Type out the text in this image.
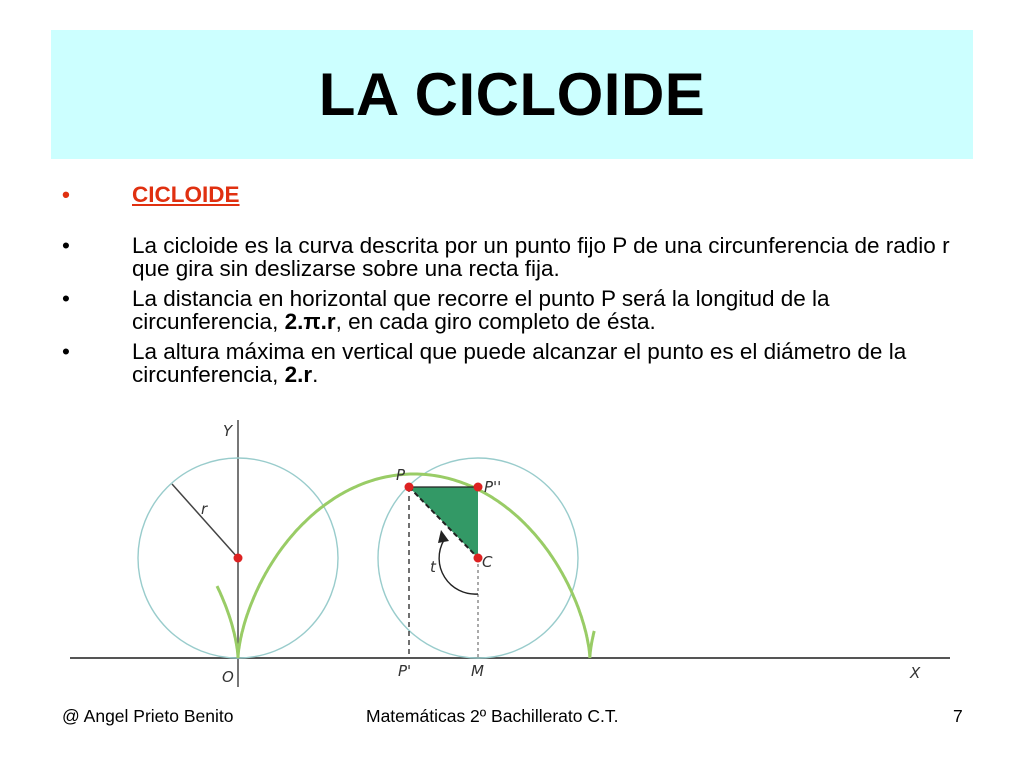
LA CICLOIDE
•	CICLOIDE
•	La cicloide es la curva descrita por un punto fijo P de una circunferencia de radio r que gira sin deslizarse sobre una recta fija.
•	La distancia en horizontal que recorre el punto P será la longitud de la circunferencia, 2.π.r, en cada giro completo de ésta.
•	La altura máxima en vertical que puede alcanzar el punto es el diámetro de la circunferencia, 2.r.
Y
X
O
r
P
P''
C
t
P'	M
@ Angel Prieto Benito	Matemáticas 2º Bachillerato C.T.	7
